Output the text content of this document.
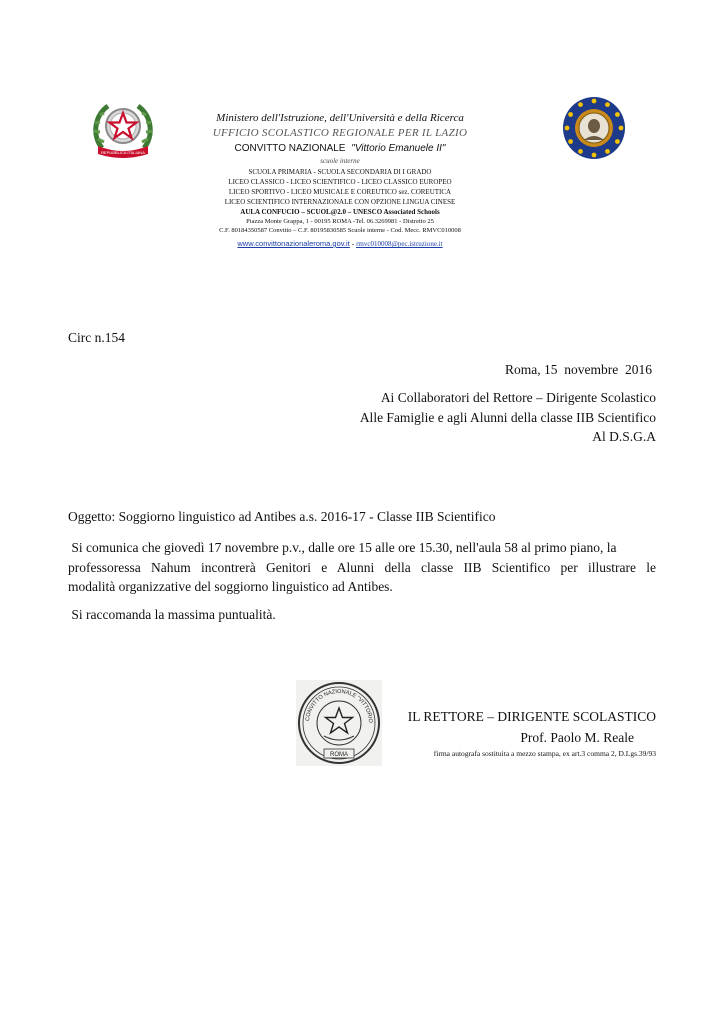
REPUBBLICA ITALIANA
Ministero dell'Istruzione, dell'Università e della Ricerca
UFFICIO SCOLASTICO REGIONALE PER IL LAZIO
CONVITTO NAZIONALE "Vittorio Emanuele II"
scuole interne
SCUOLA PRIMARIA - SCUOLA SECONDARIA DI I GRADO
LICEO CLASSICO - LICEO SCIENTIFICO - LICEO CLASSICO EUROPEO
LICEO SPORTIVO - LICEO MUSICALE E COREUTICO sez. COREUTICA
LICEO SCIENTIFICO INTERNAZIONALE CON OPZIONE LINGUA CINESE
AULA CONFUCIO – SCUOL@2.0 – UNESCO Associated Schools
Piazza Monte Grappa, 1 - 00195 ROMA -Tel. 06.3269981 - Distretto 25
C.F. 80184350587 Convitto – C.F. 80195830585 Scuole interne - Cod. Mecc. RMVC010008
www.convittonazionaleroma.gov.it - rmvc010008@pec.istruzione.it
Circ n.154
Roma, 15  novembre  2016
Ai Collaboratori del Rettore – Dirigente Scolastico
Alle Famiglie e agli Alunni della classe IIB Scientifico
Al D.S.G.A
Oggetto: Soggiorno linguistico ad Antibes a.s. 2016-17 - Classe IIB Scientifico
Si comunica che giovedì 17 novembre p.v., dalle ore 15 alle ore 15.30, nell'aula 58 al primo piano, la
professoressa Nahum incontrerà Genitori e Alunni della classe IIB Scientifico per illustrare le
modalità organizzative del soggiorno linguistico ad Antibes.
Si raccomanda la massima puntualità.
CONVITTO NAZIONALE "VITTORIO
ROMA
IL RETTORE – DIRIGENTE SCOLASTICO
Prof. Paolo M. Reale
firma autografa sostituita a mezzo stampa, ex art.3 comma 2, D.Lgs.39/93
